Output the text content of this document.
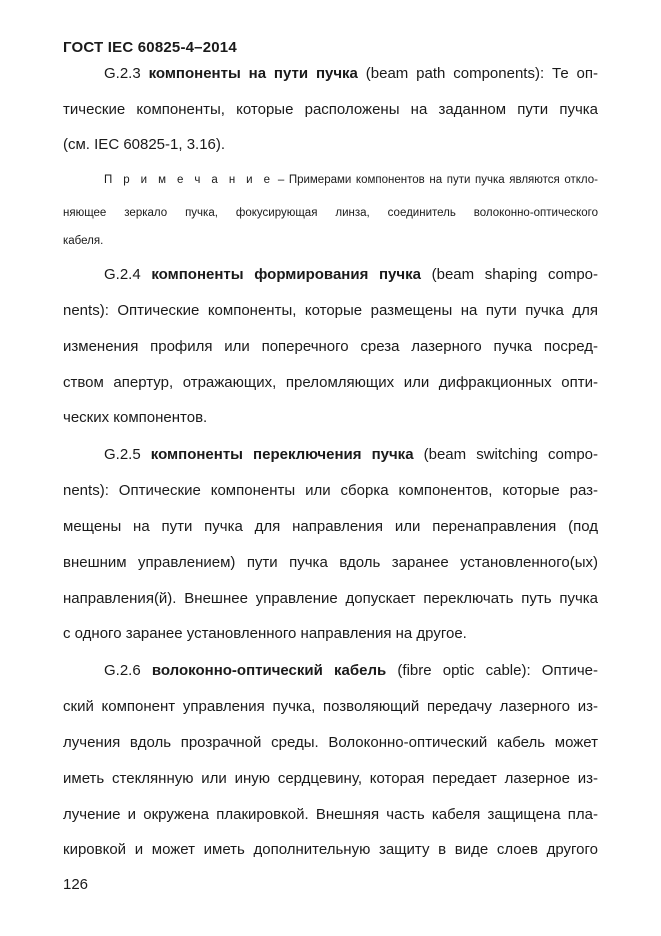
ГОСТ IEC 60825-4–2014
G.2.3 компоненты на пути пучка (beam path components): Те оп-
тические компоненты, которые расположены на заданном пути пучка
(см. IEC 60825-1, 3.16).
П р и м е ч а н и е – Примерами компонентов на пути пучка являются откло-
няющее зеркало пучка, фокусирующая линза, соединитель волоконно-оптического
кабеля.
G.2.4 компоненты формирования пучка (beam shaping compo-
nents): Оптические компоненты, которые размещены на пути пучка для
изменения профиля или поперечного среза лазерного пучка посред-
ством апертур, отражающих, преломляющих или дифракционных опти-
ческих компонентов.
G.2.5 компоненты переключения пучка (beam switching compo-
nents): Оптические компоненты или сборка компонентов, которые раз-
мещены на пути пучка для направления или перенаправления (под
внешним управлением) пути пучка вдоль заранее установленного(ых)
направления(й). Внешнее управление допускает переключать путь пучка
с одного заранее установленного направления на другое.
G.2.6 волоконно-оптический кабель (fibre optic cable): Оптиче-
ский компонент управления пучка, позволяющий передачу лазерного из-
лучения вдоль прозрачной среды. Волоконно-оптический кабель может
иметь стеклянную или иную сердцевину, которая передает лазерное из-
лучение и окружена плакировкой. Внешняя часть кабеля защищена пла-
кировкой и может иметь дополнительную защиту в виде слоев другого
126
